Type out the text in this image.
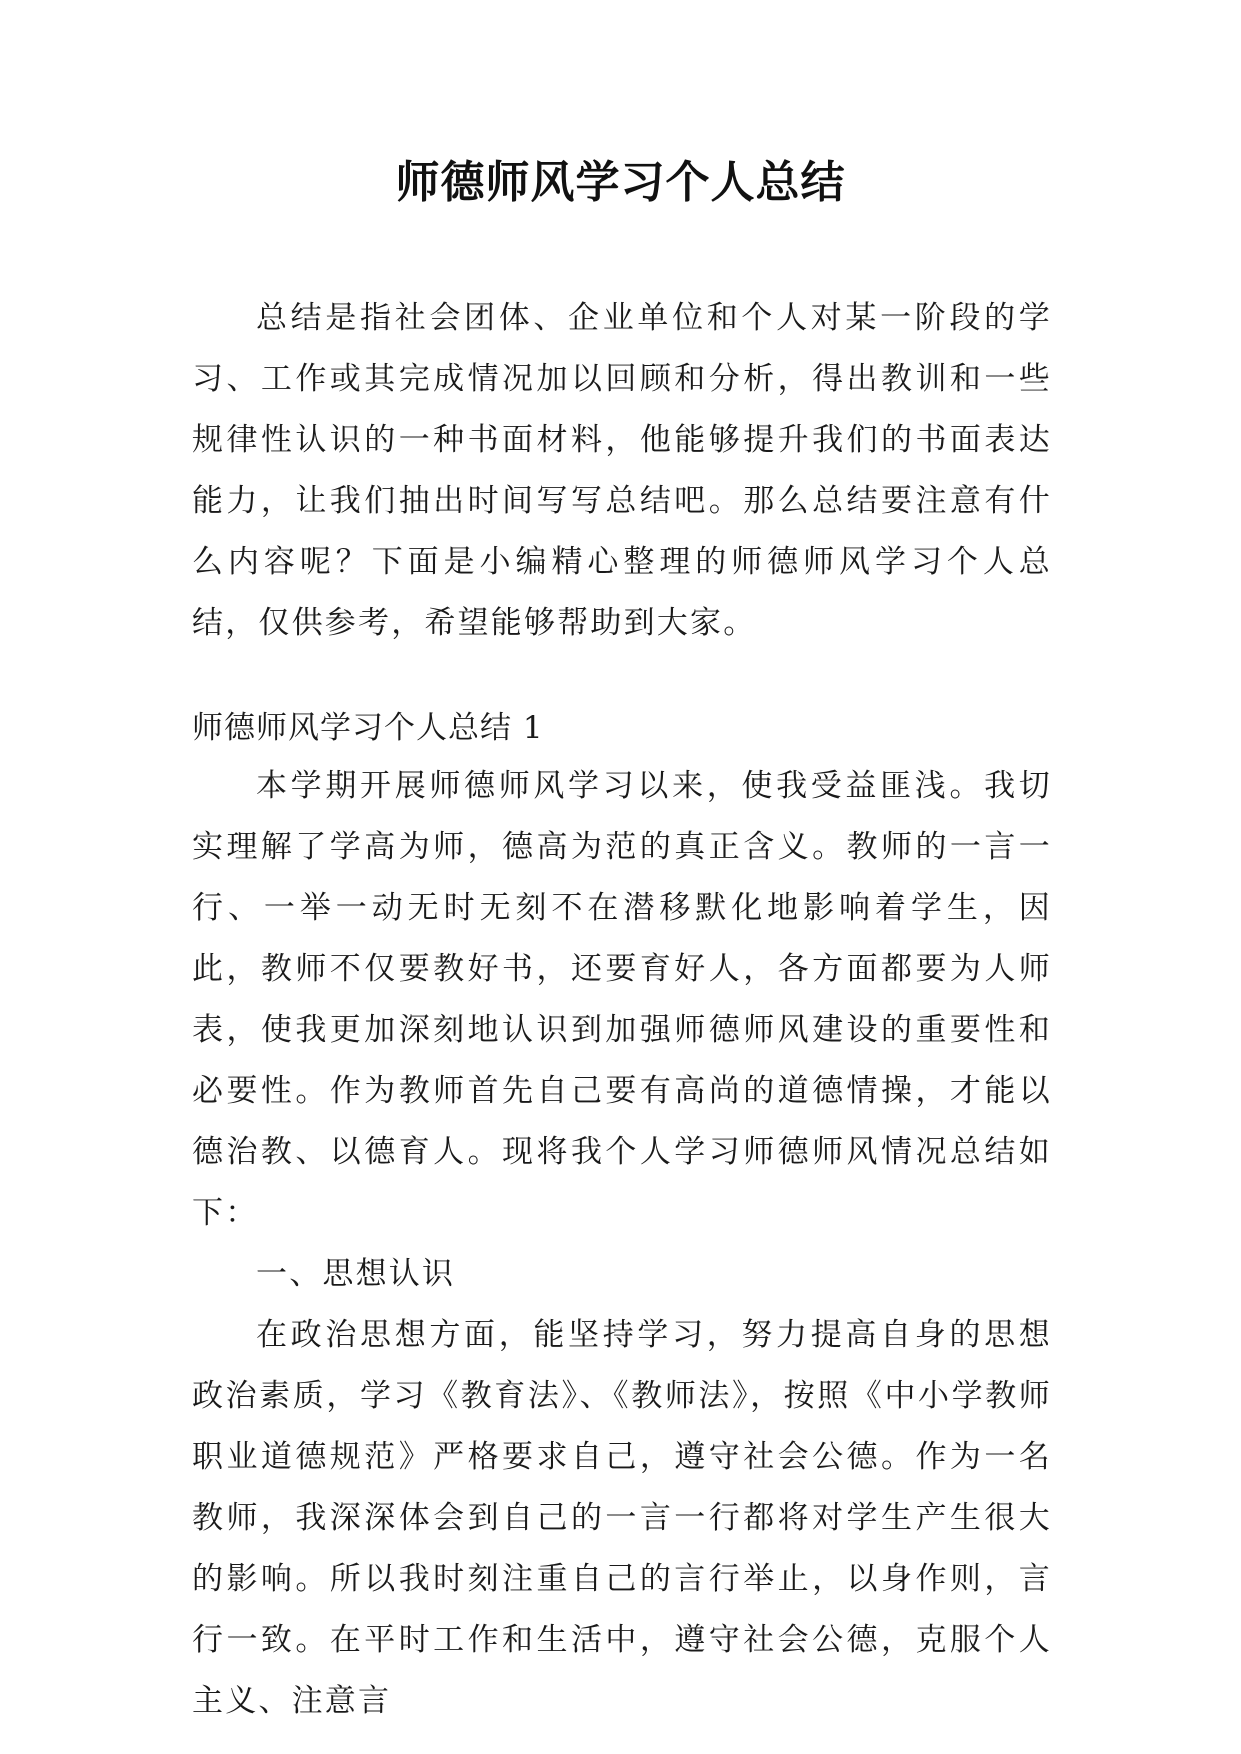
师德师风学习个人总结

总结是指社会团体、企业单位和个人对某一阶段的学习、工作或其完成情况加以回顾和分析，得出教训和一些规律性认识的一种书面材料，他能够提升我们的书面表达能力，让我们抽出时间写写总结吧。那么总结要注意有什么内容呢？下面是小编精心整理的师德师风学习个人总结，仅供参考，希望能够帮助到大家。

师德师风学习个人总结 1

本学期开展师德师风学习以来，使我受益匪浅。我切实理解了学高为师，德高为范的真正含义。教师的一言一行、一举一动无时无刻不在潜移默化地影响着学生，因此，教师不仅要教好书，还要育好人，各方面都要为人师表，使我更加深刻地认识到加强师德师风建设的重要性和必要性。作为教师首先自己要有高尚的道德情操，才能以德治教、以德育人。现将我个人学习师德师风情况总结如下：

一、思想认识

在政治思想方面，能坚持学习，努力提高自身的思想政治素质，学习《教育法》、《教师法》，按照《中小学教师职业道德规范》严格要求自己，遵守社会公德。作为一名教师，我深深体会到自己的一言一行都将对学生产生很大的影响。所以我时刻注重自己的言行举止，以身作则，言行一致。在平时工作和生活中，遵守社会公德，克服个人主义、注意言
